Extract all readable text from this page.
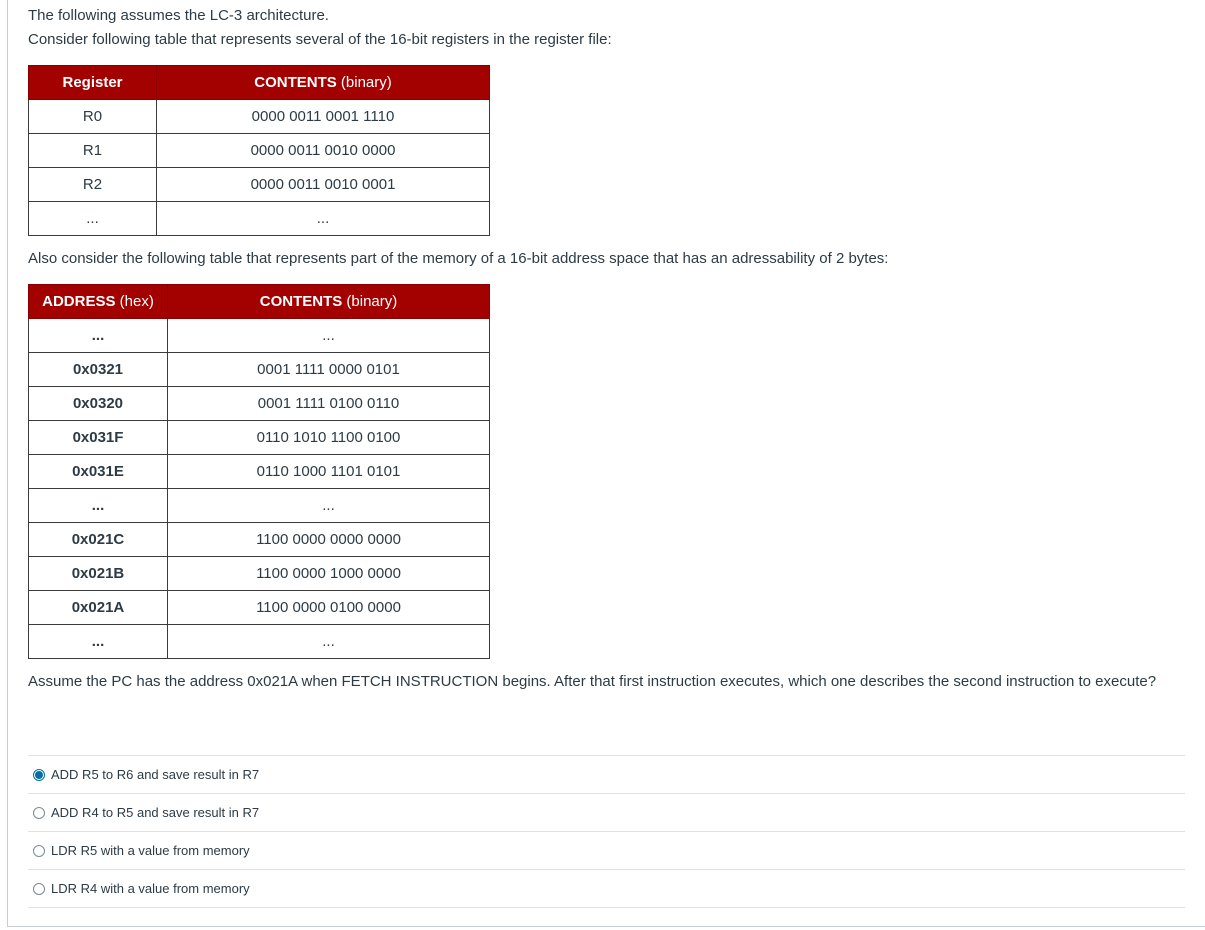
The following assumes the LC-3 architecture.

Consider following table that represents several of the 16-bit registers in the register file:

Register	CONTENTS (binary)
R0	0000 0011 0001 1110
R1	0000 0011 0010 0000
R2	0000 0011 0010 0001
...	...

Also consider the following table that represents part of the memory of a 16-bit address space that has an adressability of 2 bytes:

ADDRESS (hex)	CONTENTS (binary)
...	...
0x0321	0001 1111 0000 0101
0x0320	0001 1111 0100 0110
0x031F	0110 1010 1100 0100
0x031E	0110 1000 1101 0101
...	...
0x021C	1100 0000 0000 0000
0x021B	1100 0000 1000 0000
0x021A	1100 0000 0100 0000
...	...

Assume the PC has the address 0x021A when FETCH INSTRUCTION begins. After that first instruction executes, which one describes the second instruction to execute?

ADD R5 to R6 and save result in R7
ADD R4 to R5 and save result in R7
LDR R5 with a value from memory
LDR R4 with a value from memory
